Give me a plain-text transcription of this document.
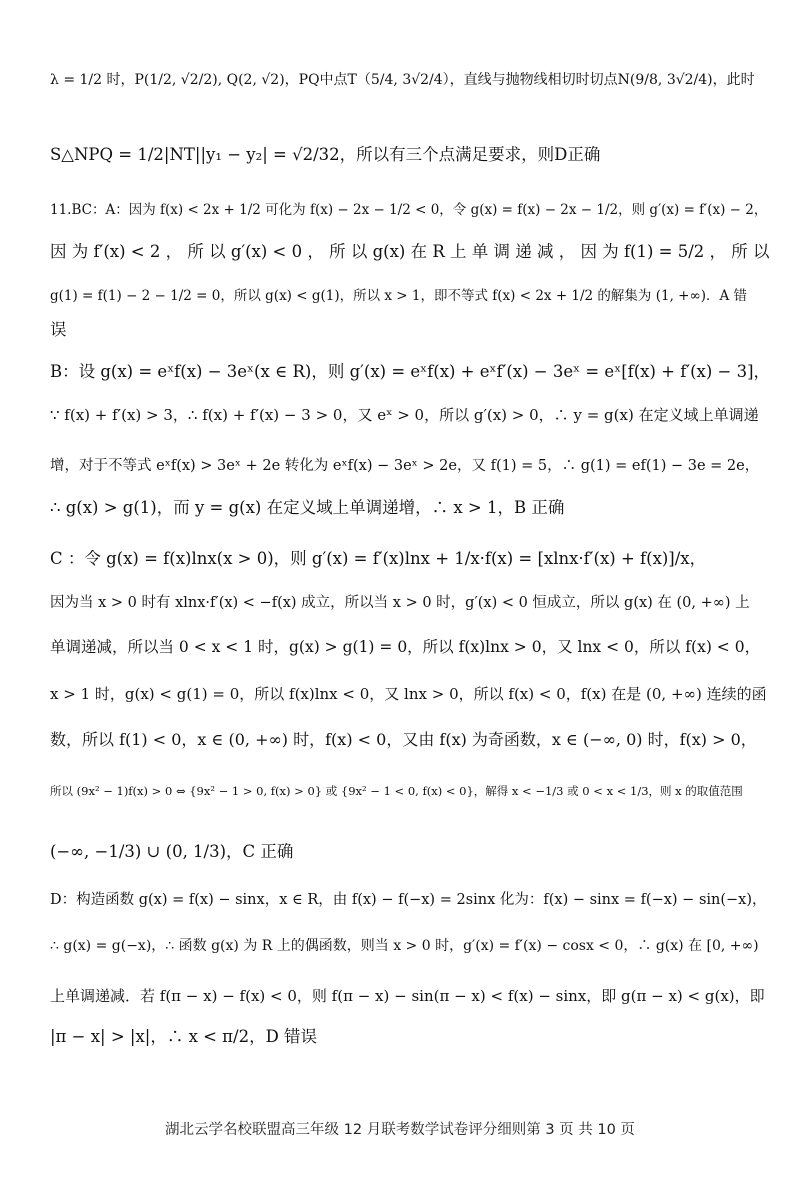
λ = 1/2 时，P(1/2, √2/2), Q(2, √2)，PQ中点T（5/4, 3√2/4），直线与抛物线相切时切点N(9/8, 3√2/4)，此时
S△NPQ = 1/2|NT||y₁ − y₂| = √2/32，所以有三个点满足要求，则D正确
11.BC：A：因为 f(x) < 2x + 1/2 可化为 f(x) − 2x − 1/2 < 0，令 g(x) = f(x) − 2x − 1/2，则 g′(x) = f′(x) − 2，
因 为 f′(x) < 2 ， 所 以 g′(x) < 0 ， 所 以 g(x) 在 R 上 单 调 递 减 ， 因 为 f(1) = 5/2 ， 所 以
g(1) = f(1) − 2 − 1/2 = 0，所以 g(x) < g(1)，所以 x > 1，即不等式 f(x) < 2x + 1/2 的解集为 (1, +∞)．A 错
误
B：设 g(x) = eˣf(x) − 3eˣ(x ∈ R)，则 g′(x) = eˣf(x) + eˣf′(x) − 3eˣ = eˣ[f(x) + f′(x) − 3]，
∵ f(x) + f′(x) > 3，∴ f(x) + f′(x) − 3 > 0，又 eˣ > 0，所以 g′(x) > 0，∴ y = g(x) 在定义域上单调递
增，对于不等式 eˣf(x) > 3eˣ + 2e 转化为 eˣf(x) − 3eˣ > 2e，又 f(1) = 5，∴ g(1) = ef(1) − 3e = 2e，
∴ g(x) > g(1)，而 y = g(x) 在定义域上单调递增，∴ x > 1，B 正确
C ：令 g(x) = f(x)lnx(x > 0)，则 g′(x) = f′(x)lnx + 1/x·f(x) = [xlnx·f′(x) + f(x)]/x，
因为当 x > 0 时有 xlnx·f′(x) < −f(x) 成立，所以当 x > 0 时，g′(x) < 0 恒成立，所以 g(x) 在 (0, +∞) 上
单调递减，所以当 0 < x < 1 时，g(x) > g(1) = 0，所以 f(x)lnx > 0，又 lnx < 0，所以 f(x) < 0，
x > 1 时，g(x) < g(1) = 0，所以 f(x)lnx < 0，又 lnx > 0，所以 f(x) < 0，f(x) 在是 (0, +∞) 连续的函
数，所以 f(1) < 0，x ∈ (0, +∞) 时，f(x) < 0，又由 f(x) 为奇函数，x ∈ (−∞, 0) 时，f(x) > 0，
所以 (9x² − 1)f(x) > 0 ⇔ {9x² − 1 > 0, f(x) > 0} 或 {9x² − 1 < 0, f(x) < 0}，解得 x < −1/3 或 0 < x < 1/3，则 x 的取值范围
(−∞, −1/3) ∪ (0, 1/3)，C 正确
D：构造函数 g(x) = f(x) − sinx，x ∈ R，由 f(x) − f(−x) = 2sinx 化为：f(x) − sinx = f(−x) − sin(−x)，
∴ g(x) = g(−x)，∴ 函数 g(x) 为 R 上的偶函数，则当 x > 0 时，g′(x) = f′(x) − cosx < 0，∴ g(x) 在 [0, +∞)
上单调递减．若 f(π − x) − f(x) < 0，则 f(π − x) − sin(π − x) < f(x) − sinx，即 g(π − x) < g(x)，即
|π − x| > |x|，∴ x < π/2，D 错误
湖北云学名校联盟高三年级 12 月联考数学试卷评分细则第 3 页 共 10 页
